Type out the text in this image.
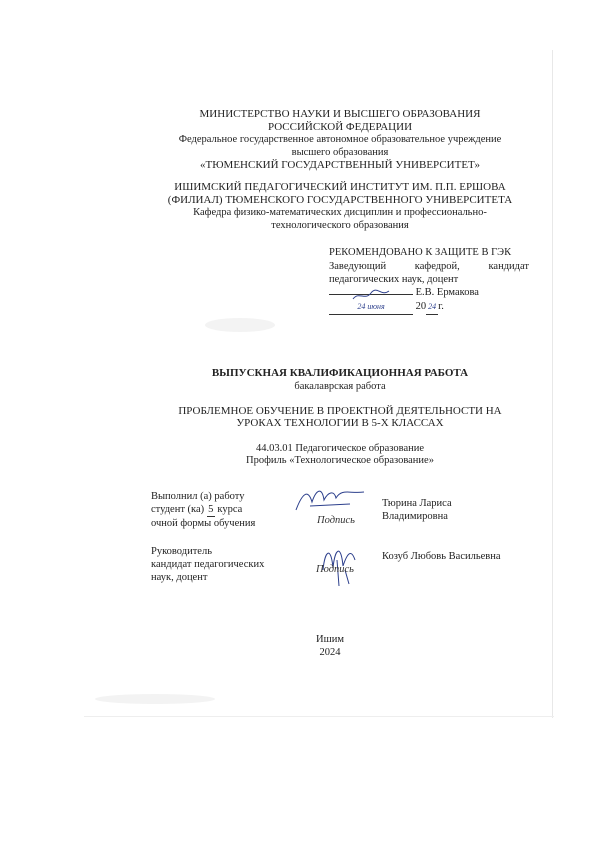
МИНИСТЕРСТВО НАУКИ И ВЫСШЕГО ОБРАЗОВАНИЯ
РОССИЙСКОЙ ФЕДЕРАЦИИ
Федеральное государственное автономное образовательное учреждение
высшего образования
«ТЮМЕНСКИЙ ГОСУДАРСТВЕННЫЙ УНИВЕРСИТЕТ»
ИШИМСКИЙ ПЕДАГОГИЧЕСКИЙ ИНСТИТУТ ИМ. П.П. ЕРШОВА
(ФИЛИАЛ) ТЮМЕНСКОГО ГОСУДАРСТВЕННОГО УНИВЕРСИТЕТА
Кафедра физико-математических дисциплин и профессионально-
технологического образования
РЕКОМЕНДОВАНО К ЗАЩИТЕ В ГЭК
Заведующий	кафедрой,	кандидат
педагогических наук, доцент
Е.В. Ермакова
24 июня	20 24 г.
ВЫПУСКНАЯ КВАЛИФИКАЦИОННАЯ РАБОТА
бакалаврская работа
ПРОБЛЕМНОЕ ОБУЧЕНИЕ В ПРОЕКТНОЙ ДЕЯТЕЛЬНОСТИ НА
УРОКАХ ТЕХНОЛОГИИ В 5-Х КЛАССАХ
44.03.01 Педагогическое образование
Профиль «Технологическое образование»
Выполнил (а) работу
студент (ка) 5 курса
очной формы обучения	Подпись
Тюрина Лариса
Владимировна
Руководитель
кандидат педагогических
наук, доцент
Подпись
Козуб Любовь Васильевна
Ишим
2024
